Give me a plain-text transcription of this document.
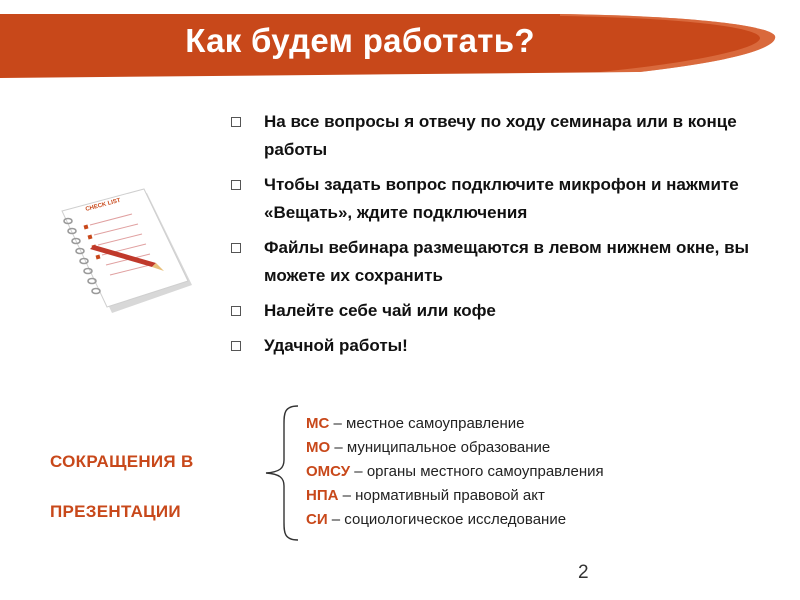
Как будем работать?
CHECK LIST
На все вопросы я отвечу по ходу семинара или в конце работы
Чтобы задать вопрос подключите микрофон и нажмите «Вещать», ждите подключения
Файлы вебинара размещаются в левом нижнем окне, вы можете их сохранить
Налейте себе чай или кофе
Удачной работы!
СОКРАЩЕНИЯ В
ПРЕЗЕНТАЦИИ
МС – местное самоуправление
МО – муниципальное образование
ОМСУ – органы местного самоуправления
НПА – нормативный правовой акт
СИ – социологическое исследование
2
